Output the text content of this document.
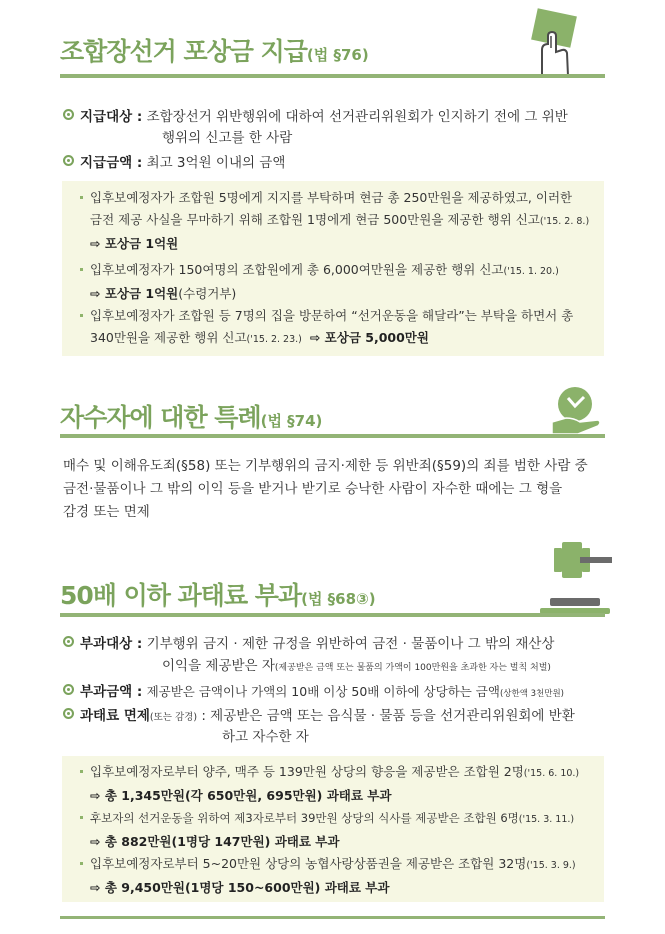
조합장선거 포상금 지급(법 §76)
지급대상 : 조합장선거 위반행위에 대하여 선거관리위원회가 인지하기 전에 그 위반
행위의 신고를 한 사람
지급금액 : 최고 3억원 이내의 금액
입후보예정자가 조합원 5명에게 지지를 부탁하며 현금 총 250만원을 제공하였고, 이러한
금전 제공 사실을 무마하기 위해 조합원 1명에게 현금 500만원을 제공한 행위 신고('15. 2. 8.)
⇨ 포상금 1억원
입후보예정자가 150여명의 조합원에게 총 6,000여만원을 제공한 행위 신고('15. 1. 20.)
⇨ 포상금 1억원(수령거부)
입후보예정자가 조합원 등 7명의 집을 방문하여 “선거운동을 해달라”는 부탁을 하면서 총
340만원을 제공한 행위 신고('15. 2. 23.) ⇨ 포상금 5,000만원
자수자에 대한 특례(법 §74)
매수 및 이해유도죄(§58) 또는 기부행위의 금지·제한 등 위반죄(§59)의 죄를 범한 사람 중
금전·물품이나 그 밖의 이익 등을 받거나 받기로 승낙한 사람이 자수한 때에는 그 형을
감경 또는 면제
50배 이하 과태료 부과(법 §68③)
부과대상 : 기부행위 금지 · 제한 규정을 위반하여 금전 · 물품이나 그 밖의 재산상
이익을 제공받은 자(제공받은 금액 또는 물품의 가액이 100만원을 초과한 자는 벌칙 처벌)
부과금액 : 제공받은 금액이나 가액의 10배 이상 50배 이하에 상당하는 금액(상한액 3천만원)
과태료 면제(또는 감경) : 제공받은 금액 또는 음식물 · 물품 등을 선거관리위원회에 반환
하고 자수한 자
입후보예정자로부터 양주, 맥주 등 139만원 상당의 향응을 제공받은 조합원 2명('15. 6. 10.)
⇨ 총 1,345만원(각 650만원, 695만원) 과태료 부과
후보자의 선거운동을 위하여 제3자로부터 39만원 상당의 식사를 제공받은 조합원 6명('15. 3. 11.)
⇨ 총 882만원(1명당 147만원) 과태료 부과
입후보예정자로부터 5~20만원 상당의 농협사랑상품권을 제공받은 조합원 32명('15. 3. 9.)
⇨ 총 9,450만원(1명당 150~600만원) 과태료 부과
